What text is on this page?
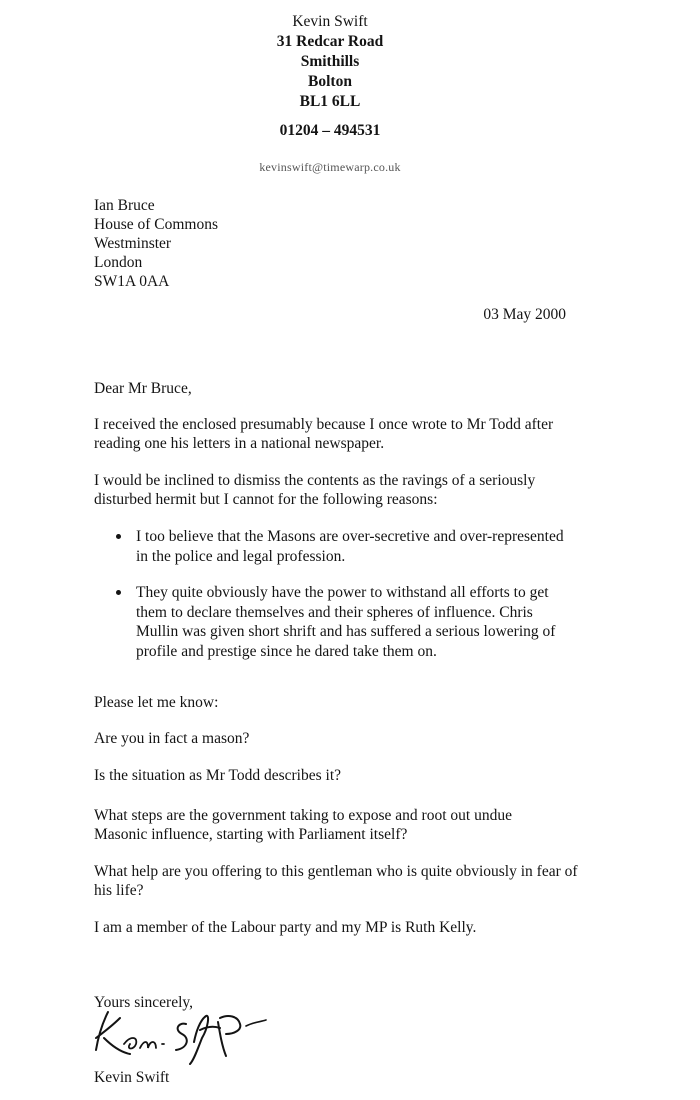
Kevin Swift
31 Redcar Road
Smithills
Bolton
BL1 6LL
01204 – 494531
kevinswift@timewarp.co.uk
Ian Bruce
House of Commons
Westminster
London
SW1A 0AA
03 May 2000
Dear Mr Bruce,
I received the enclosed presumably because I once wrote to Mr Todd after reading one his letters in a national newspaper.
I would be inclined to dismiss the contents as the ravings of a seriously disturbed hermit but I cannot for the following reasons:
I too believe that the Masons are over-secretive and over-represented in the police and legal profession.
They quite obviously have the power to withstand all efforts to get them to declare themselves and their spheres of influence. Chris Mullin was given short shrift and has suffered a serious lowering of profile and prestige since he dared take them on.
Please let me know:
Are you in fact a mason?
Is the situation as Mr Todd describes it?
What steps are the government taking to expose and root out undue Masonic influence, starting with Parliament itself?
What help are you offering to this gentleman who is quite obviously in fear of his life?
I am a member of the Labour party and my MP is Ruth Kelly.
Yours sincerely,
Kevin Swift
